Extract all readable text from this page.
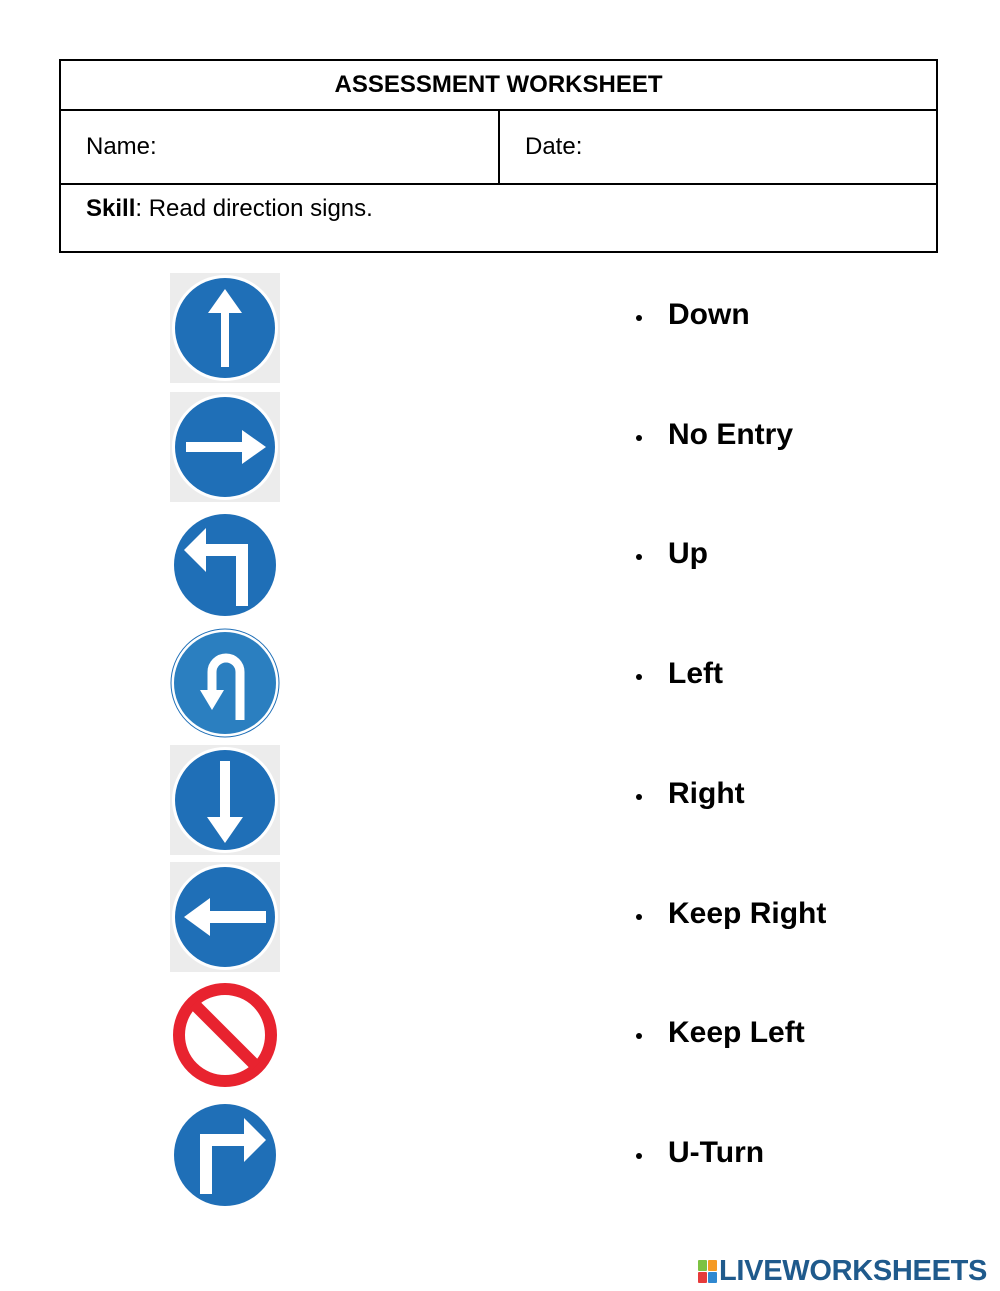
ASSESSMENT WORKSHEET
Name:	Date:
Skill: Read direction signs.
Down
No Entry
Up
Left
Right
Keep Right
Keep Left
U-Turn
LIVEWORKSHEETS
